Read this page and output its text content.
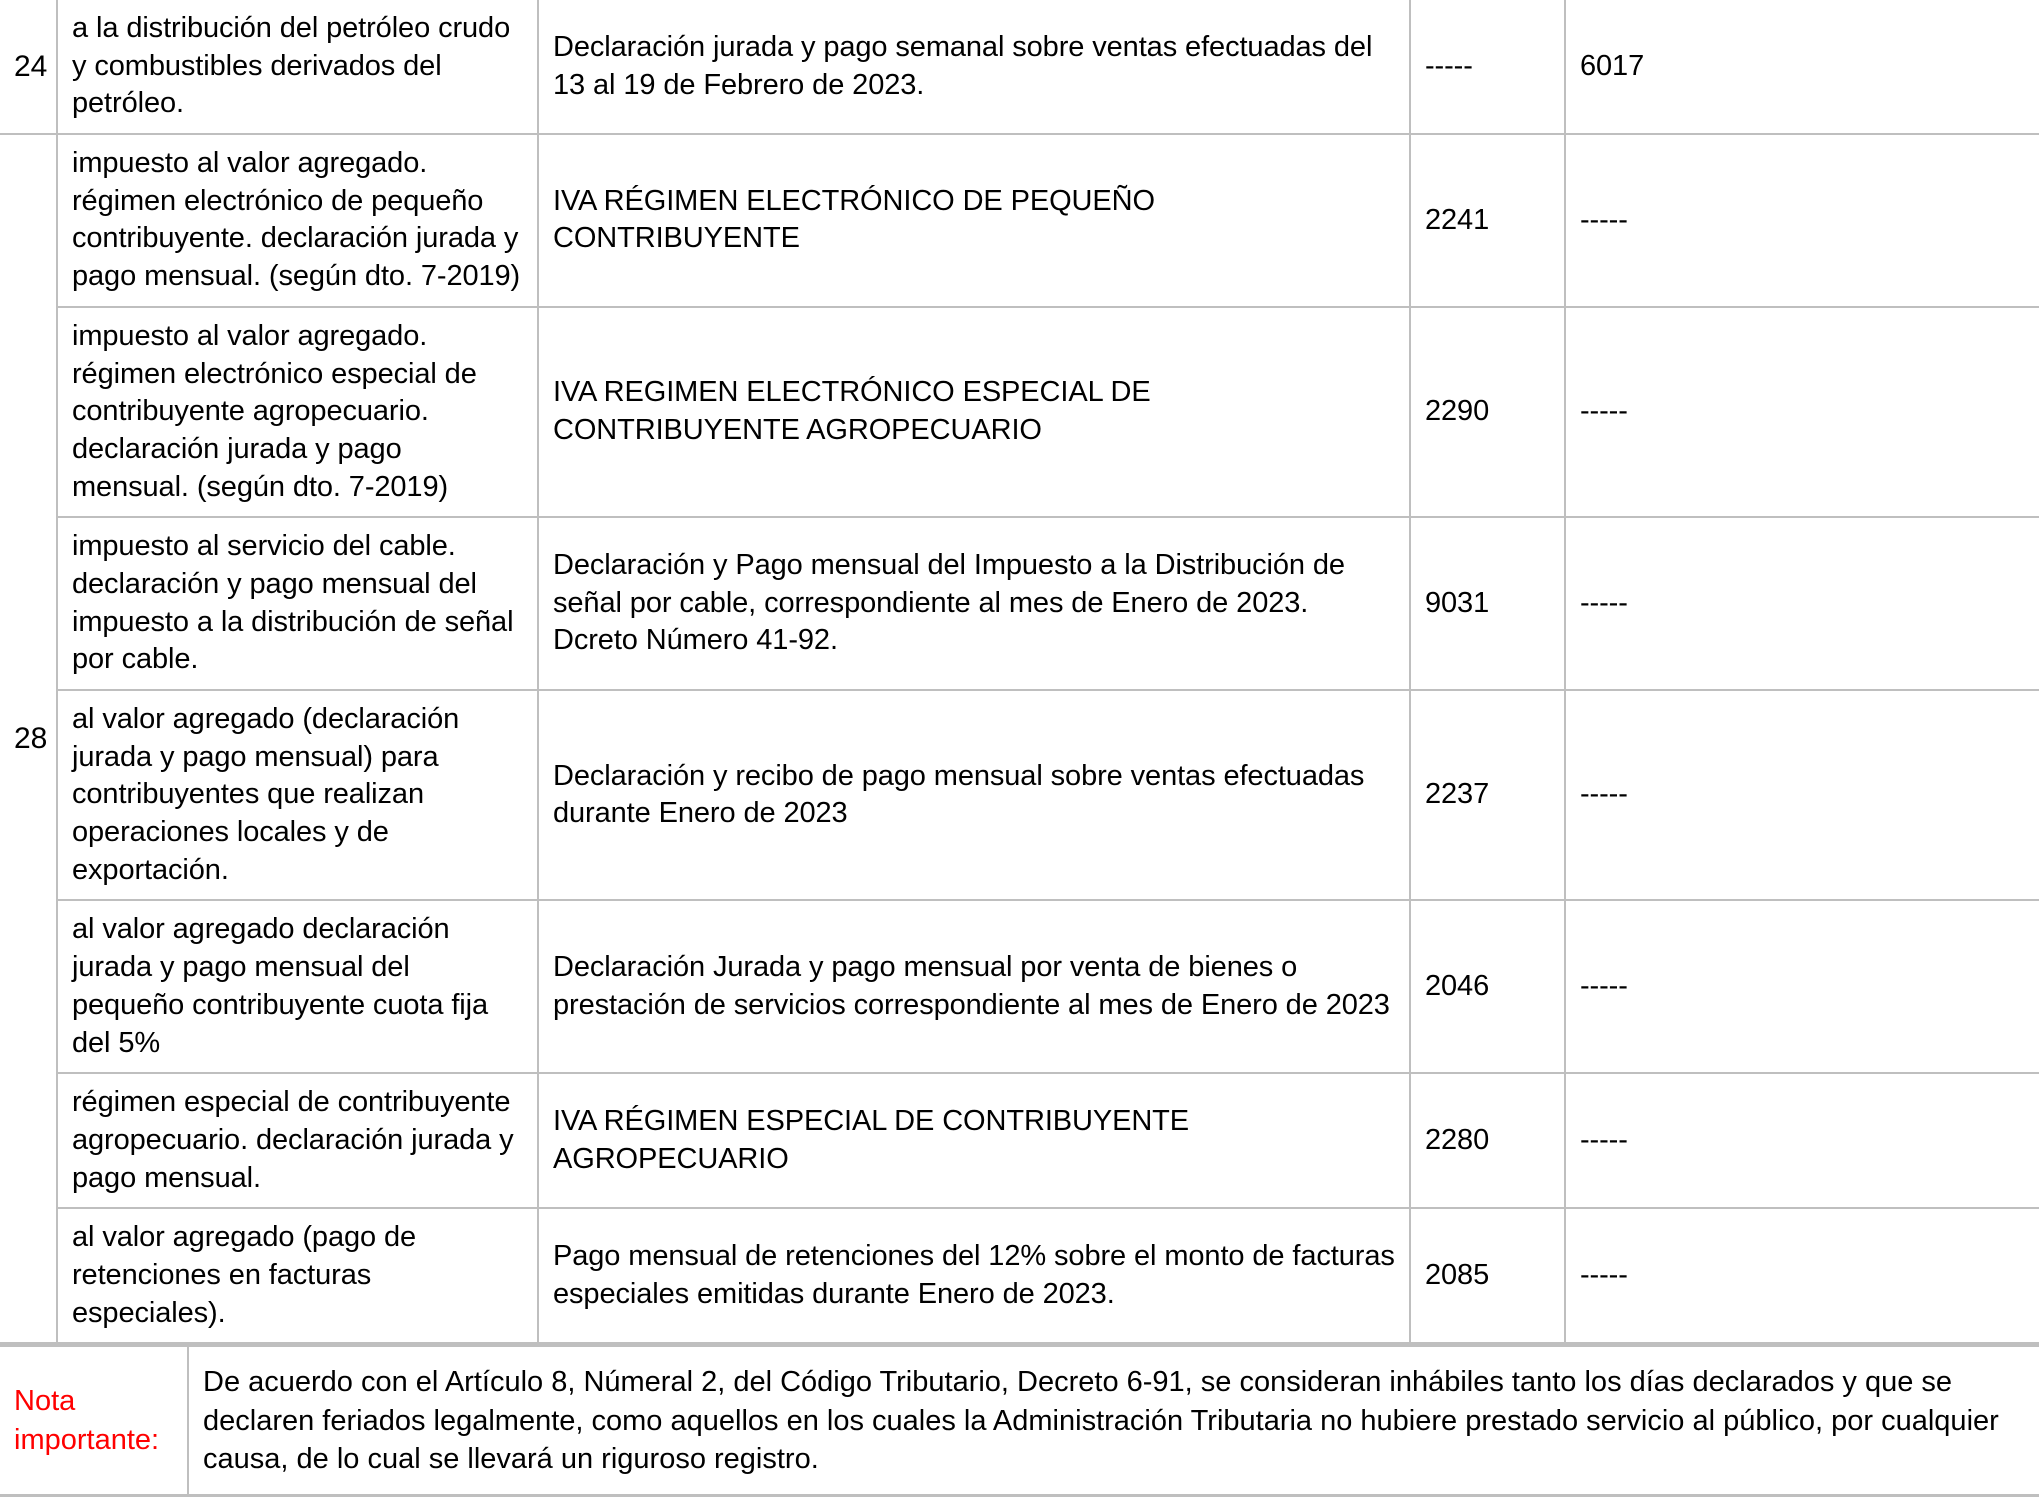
24	a la distribución del petróleo crudo y combustibles derivados del petróleo.	Declaración jurada y pago semanal sobre ventas efectuadas del 13 al 19 de Febrero de 2023.	-----	6017
28	impuesto al valor agregado. régimen electrónico de pequeño contribuyente. declaración jurada y pago mensual. (según dto. 7-2019)	IVA RÉGIMEN ELECTRÓNICO DE PEQUEÑO CONTRIBUYENTE	2241	-----
	impuesto al valor agregado. régimen electrónico especial de contribuyente agropecuario. declaración jurada y pago mensual. (según dto. 7-2019)	IVA REGIMEN ELECTRÓNICO ESPECIAL DE CONTRIBUYENTE AGROPECUARIO	2290	-----
	impuesto al servicio del cable. declaración y pago mensual del impuesto a la distribución de señal por cable.	Declaración y Pago mensual del Impuesto a la Distribución de señal por cable, correspondiente al mes de Enero de 2023. Dcreto Número 41-92.	9031	-----
	al valor agregado (declaración jurada y pago mensual) para contribuyentes que realizan operaciones locales y de exportación.	Declaración y recibo de pago mensual sobre ventas efectuadas durante Enero de 2023	2237	-----
	al valor agregado declaración jurada y pago mensual del pequeño contribuyente cuota fija del 5%	Declaración Jurada y pago mensual por venta de bienes o prestación de servicios correspondiente al mes de Enero de 2023	2046	-----
	régimen especial de contribuyente agropecuario. declaración jurada y pago mensual.	IVA RÉGIMEN ESPECIAL DE CONTRIBUYENTE AGROPECUARIO	2280	-----
	al valor agregado (pago de retenciones en facturas especiales).	Pago mensual de retenciones del 12% sobre el monto de facturas especiales emitidas durante Enero de 2023.	2085	-----
Nota importante:	De acuerdo con el Artículo 8, Númeral 2, del Código Tributario, Decreto 6-91, se consideran inhábiles tanto los días declarados y que se declaren feriados legalmente, como aquellos en los cuales la Administración Tributaria no hubiere prestado servicio al público, por cualquier causa, de lo cual se llevará un riguroso registro.
